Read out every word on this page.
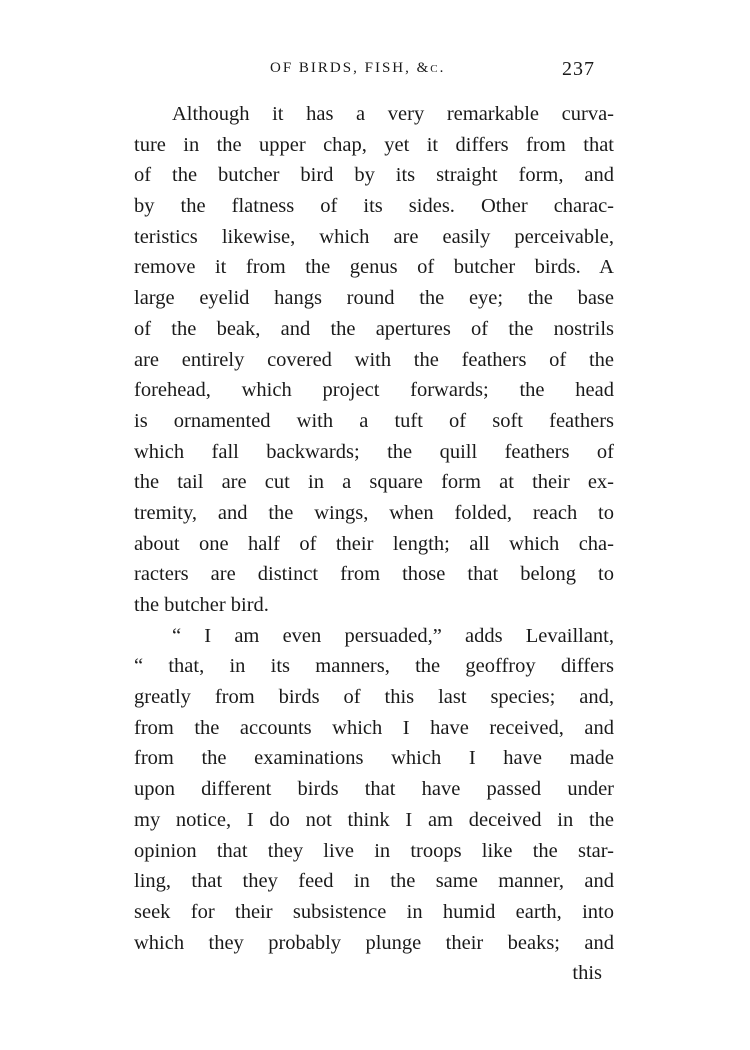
OF BIRDS, FISH, &c.	237
Although it has a very remarkable curva-
ture in the upper chap, yet it differs from that
of the butcher bird by its straight form, and
by the flatness of its sides. Other charac-
teristics likewise, which are easily perceivable,
remove it from the genus of butcher birds. A
large eyelid hangs round the eye; the base
of the beak, and the apertures of the nostrils
are entirely covered with the feathers of the
forehead, which project forwards; the head
is ornamented with a tuft of soft feathers
which fall backwards; the quill feathers of
the tail are cut in a square form at their ex-
tremity, and the wings, when folded, reach to
about one half of their length; all which cha-
racters are distinct from those that belong to
the butcher bird.
“ I am even persuaded,” adds Levaillant,
“ that, in its manners, the geoffroy differs
greatly from birds of this last species; and,
from the accounts which I have received, and
from the examinations which I have made
upon different birds that have passed under
my notice, I do not think I am deceived in the
opinion that they live in troops like the star-
ling, that they feed in the same manner, and
seek for their subsistence in humid earth, into
which they probably plunge their beaks; and
this
